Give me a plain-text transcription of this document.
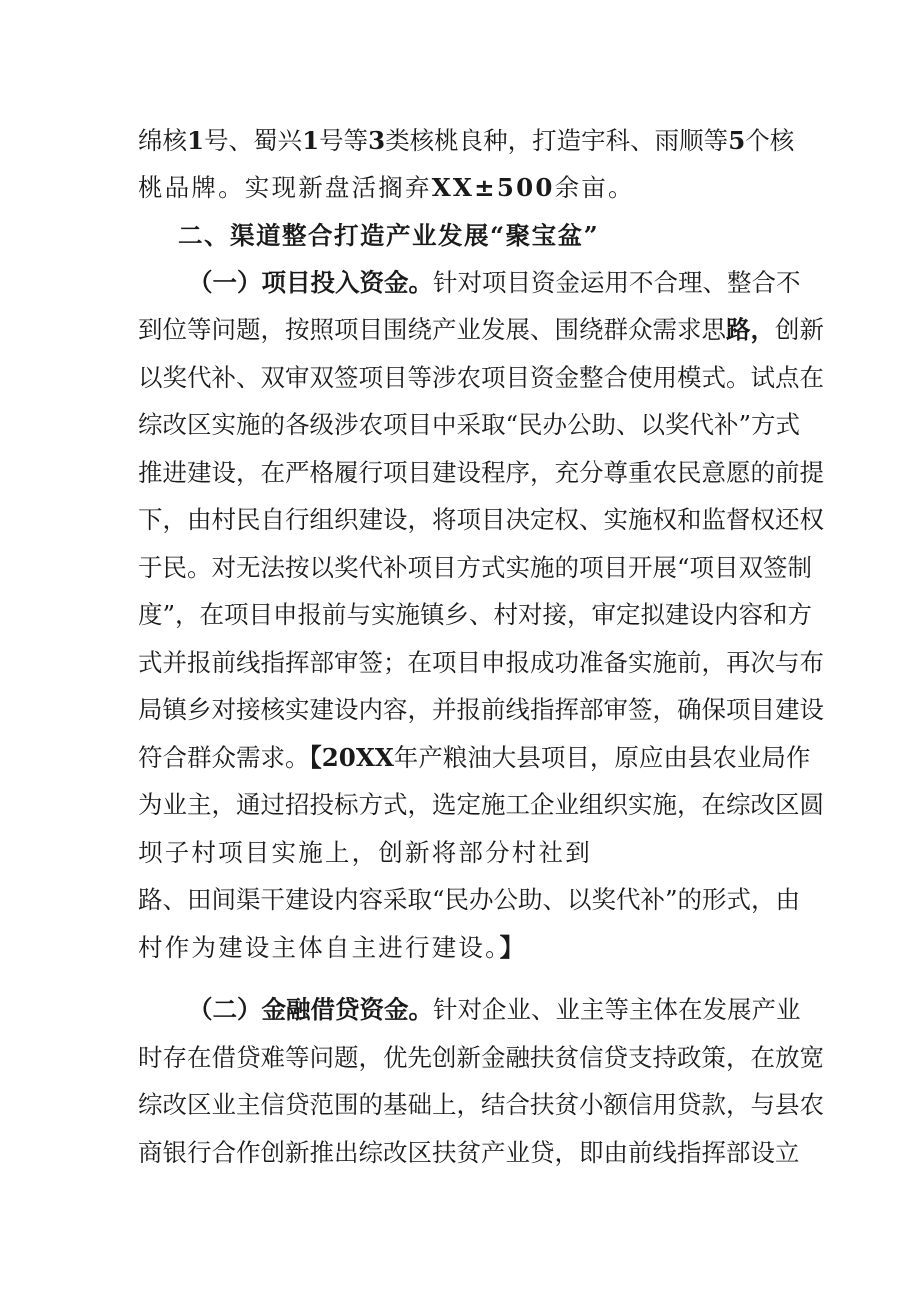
绵核1号、蜀兴1号等3类核桃良种，打造宇科、雨顺等5个核
桃品牌。实现新盘活搁弃XX±500余亩。
二、渠道整合打造产业发展“聚宝盆”
（一）项目投入资金。针对项目资金运用不合理、整合不
到位等问题，按照项目围绕产业发展、围绕群众需求思路，创新
以奖代补、双审双签项目等涉农项目资金整合使用模式。试点在
综改区实施的各级涉农项目中采取“民办公助、以奖代补”方式
推进建设，在严格履行项目建设程序，充分尊重农民意愿的前提
下，由村民自行组织建设，将项目决定权、实施权和监督权还权
于民。对无法按以奖代补项目方式实施的项目开展“项目双签制
度”，在项目申报前与实施镇乡、村对接，审定拟建设内容和方
式并报前线指挥部审签；在项目申报成功准备实施前，再次与布
局镇乡对接核实建设内容，并报前线指挥部审签，确保项目建设
符合群众需求。【20XX年产粮油大县项目，原应由县农业局作
为业主，通过招投标方式，选定施工企业组织实施，在综改区圆
坝子村项目实施上，创新将部分村社到
路、田间渠干建设内容采取“民办公助、以奖代补”的形式，由
村作为建设主体自主进行建设。】
（二）金融借贷资金。针对企业、业主等主体在发展产业
时存在借贷难等问题，优先创新金融扶贫信贷支持政策，在放宽
综改区业主信贷范围的基础上，结合扶贫小额信用贷款，与县农
商银行合作创新推出综改区扶贫产业贷，即由前线指挥部设立
